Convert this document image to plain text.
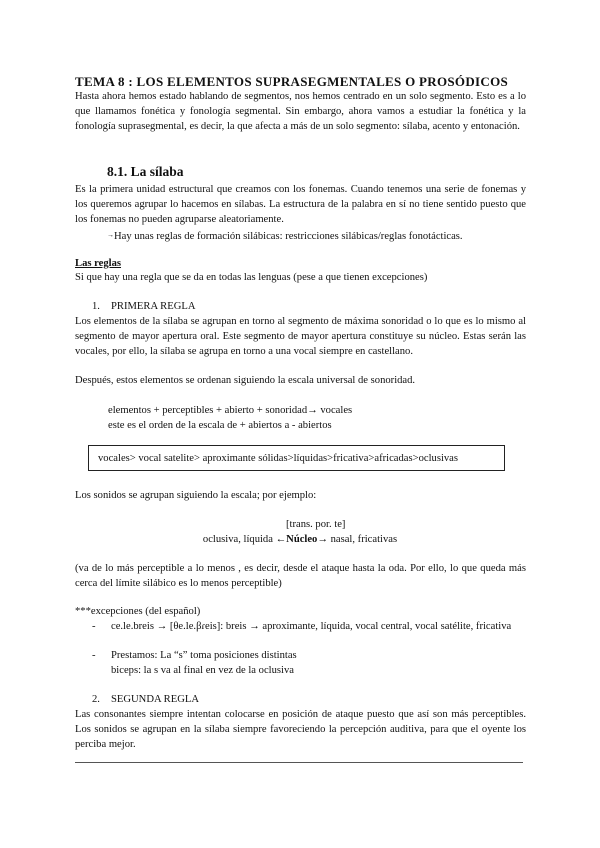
TEMA 8 : LOS ELEMENTOS SUPRASEGMENTALES O PROSÓDICOS
Hasta ahora hemos estado hablando de segmentos, nos hemos centrado en un solo segmento. Esto es a lo que llamamos fonética y fonología segmental. Sin embargo, ahora vamos a estudiar la fonética y la fonología suprasegmental, es decir, la que afecta a más de un solo segmento: sílaba, acento y entonación.
8.1. La sílaba
Es la primera unidad estructural que creamos con los fonemas. Cuando tenemos una serie de fonemas y los queremos agrupar lo hacemos en sílabas. La estructura de la palabra en sí no tiene sentido puesto que los fonemas no pueden agruparse aleatoriamente.
→Hay unas reglas de formación silábicas: restricciones silábicas/reglas fonotácticas.
Las reglas
Si que hay una regla que se da en todas las lenguas (pese a que tienen excepciones)
1. PRIMERA REGLA
Los elementos de la sílaba se agrupan en torno al segmento de máxima sonoridad o lo que es lo mismo al segmento de mayor apertura oral. Este segmento de mayor apertura constituye su núcleo. Estas serán las vocales, por ello, la sílaba se agrupa en torno a una vocal siempre en castellano.
Después, estos elementos se ordenan siguiendo la escala universal de sonoridad.
elementos + perceptibles + abierto + sonoridad→ vocales
este es el orden de la escala de + abiertos a - abiertos
vocales> vocal satelite> aproximante sólidas>líquidas>fricativa>africadas>oclusivas
Los sonidos se agrupan siguiendo la escala; por ejemplo:
[trans. por. te]
oclusiva, líquida ←Núcleo→ nasal, fricativas
(va de lo más perceptible a lo menos , es decir, desde el ataque hasta la oda. Por ello, lo que queda más cerca del límite silábico es lo menos perceptible)
***excepciones (del español)
- ce.le.breis → [θe.le.βɾeis]: breis → aproximante, líquida, vocal central, vocal satélite, fricativa
- Prestamos: La “s” toma posiciones distintas
biceps: la s va al final en vez de la oclusiva
2. SEGUNDA REGLA
Las consonantes siempre intentan colocarse en posición de ataque puesto que así son más perceptibles. Los sonidos se agrupan en la sílaba siempre favoreciendo la percepción auditiva, para que el oyente los perciba mejor.
